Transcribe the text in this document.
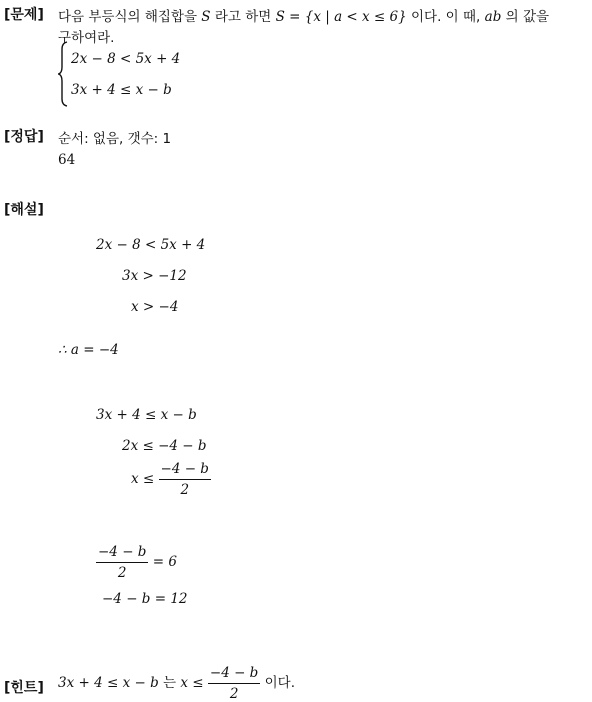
[문제] 다음 부등식의 해집합을 S 라고 하면 S = {x | a < x ≤ 6} 이다. 이 때, ab 의 값을
구하여라.
2x − 8 < 5x + 4
3x + 4 ≤ x − b
[정답] 순서: 없음, 갯수: 1
64
[해설]
2x − 8 < 5x + 4
3x > −12
x > −4
∴ a = −4
3x + 4 ≤ x − b
2x ≤ −4 − b
$x \le \frac{-4 - b}{2}$
$\frac{-4 - b}{2} = 6$
−4 − b = 12
[힌트] 3x + 4 ≤ x − b 는 $x \le \frac{-4 - b}{2}$ 이다.
